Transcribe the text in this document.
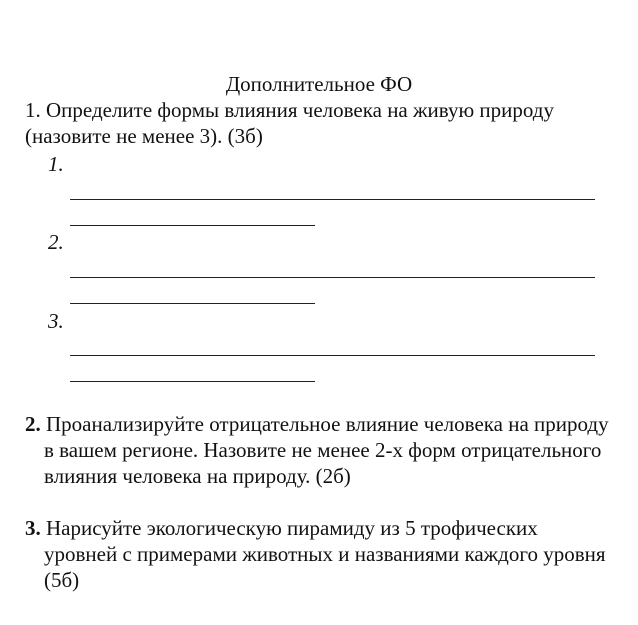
Дополнительное ФО
1. Определите формы влияния человека на живую природу
(назовите не менее 3). (3б)
1.
2.
3.
2. Проанализируйте отрицательное влияние человека на природу в вашем регионе. Назовите не менее 2-х форм отрицательного влияния человека на природу. (2б)
3. Нарисуйте экологическую пирамиду из 5 трофических уровней с примерами животных и названиями каждого уровня (5б)
